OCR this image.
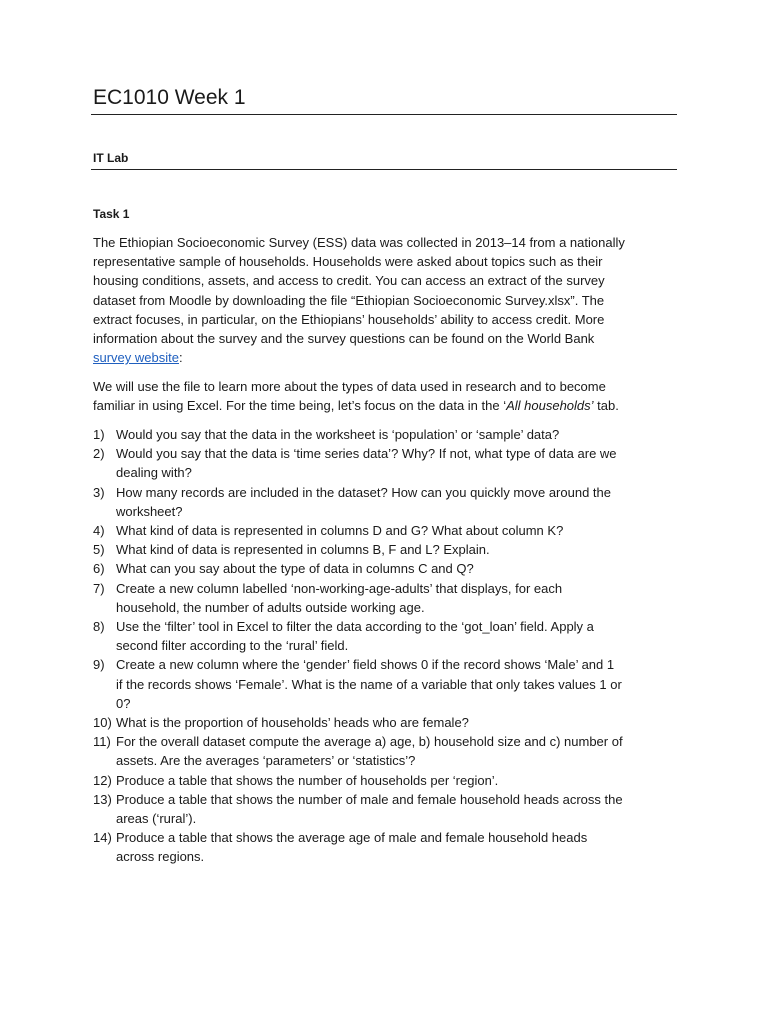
EC1010 Week 1
IT Lab
Task 1

The Ethiopian Socioeconomic Survey (ESS) data was collected in 2013–14 from a nationally
representative sample of households. Households were asked about topics such as their
housing conditions, assets, and access to credit. You can access an extract of the survey
dataset from Moodle by downloading the file “Ethiopian Socioeconomic Survey.xlsx”. The
extract focuses, in particular, on the Ethiopians’ households’ ability to access credit. More
information about the survey and the survey questions can be found on the World Bank
survey website:

We will use the file to learn more about the types of data used in research and to become
familiar in using Excel. For the time being, let’s focus on the data in the ‘All households’ tab.

1) Would you say that the data in the worksheet is ‘population’ or ‘sample’ data?
2) Would you say that the data is ‘time series data’? Why? If not, what type of data are we
dealing with?
3) How many records are included in the dataset? How can you quickly move around the
worksheet?
4) What kind of data is represented in columns D and G? What about column K?
5) What kind of data is represented in columns B, F and L? Explain.
6) What can you say about the type of data in columns C and Q?
7) Create a new column labelled ‘non-working-age-adults’ that displays, for each
household, the number of adults outside working age.
8) Use the ‘filter’ tool in Excel to filter the data according to the ‘got_loan’ field. Apply a
second filter according to the ‘rural’ field.
9) Create a new column where the ‘gender’ field shows 0 if the record shows ‘Male’ and 1
if the records shows ‘Female’. What is the name of a variable that only takes values 1 or
0?
10) What is the proportion of households’ heads who are female?
11) For the overall dataset compute the average a) age, b) household size and c) number of
assets. Are the averages ‘parameters’ or ‘statistics’?
12) Produce a table that shows the number of households per ‘region’.
13) Produce a table that shows the number of male and female household heads across the
areas (‘rural’).
14) Produce a table that shows the average age of male and female household heads
across regions.
